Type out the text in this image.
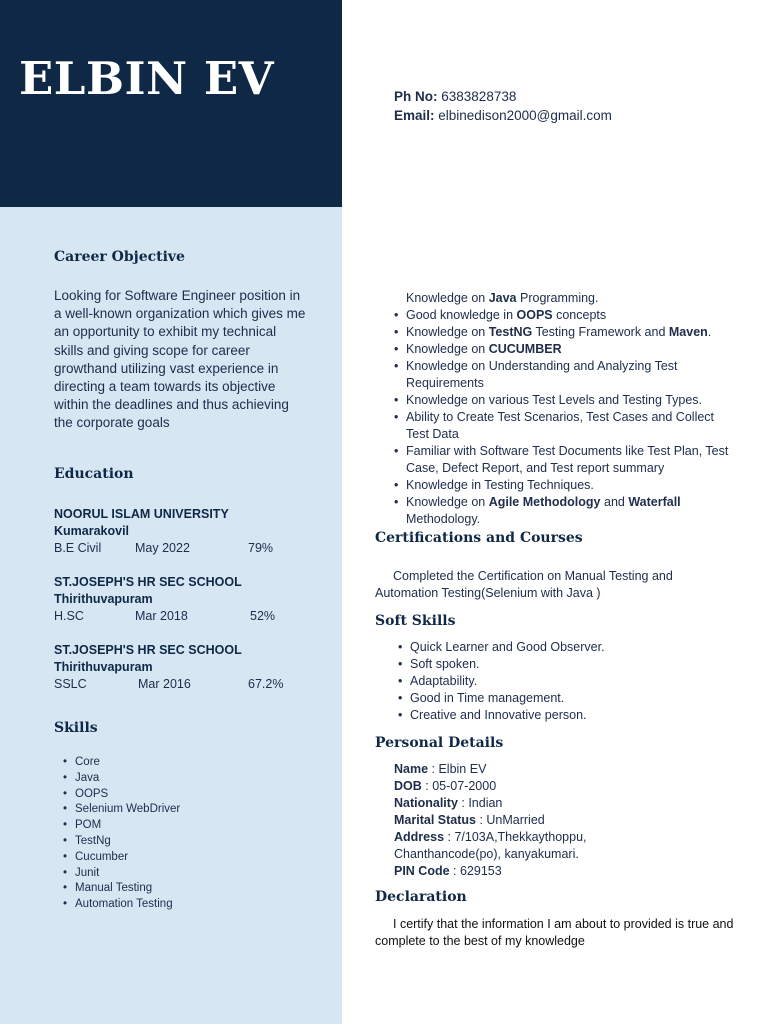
ELBIN EV	Ph No: 6383828738
Email: elbinedison2000@gmail.com
Career Objective

Looking for Software Engineer position in a well-known organization which gives me an opportunity to exhibit my technical skills and giving scope for career growthand utilizing vast experience in directing a team towards its objective within the deadlines and thus achieving the corporate goals

Education
NOORUL ISLAM UNIVERSITY
Kumarakovil
B.E Civil	May 2022	79%
ST.JOSEPH'S HR SEC SCHOOL
Thirithuvapuram
H.SC	Mar 2018	52%
ST.JOSEPH'S HR SEC SCHOOL
Thirithuvapuram
SSLC	Mar 2016	67.2%
Skills
• Core
• Java
• OOPS
• Selenium WebDriver
• POM
• TestNg
• Cucumber
• Junit
• Manual Testing
• Automation Testing
Knowledge on Java Programming.
• Good knowledge in OOPS concepts
• Knowledge on TestNG Testing Framework and Maven.
• Knowledge on CUCUMBER
• Knowledge on Understanding and Analyzing Test Requirements
• Knowledge on various Test Levels and Testing Types.
• Ability to Create Test Scenarios, Test Cases and Collect Test Data
• Familiar with Software Test Documents like Test Plan, Test Case, Defect Report, and Test report summary
• Knowledge in Testing Techniques.
• Knowledge on Agile Methodology and Waterfall Methodology.
Certifications and Courses

Completed the Certification on Manual Testing and Automation Testing(Selenium with Java )

Soft Skills
• Quick Learner and Good Observer.
• Soft spoken.
• Adaptability.
• Good in Time management.
• Creative and Innovative person.
Personal Details
Name : Elbin EV
DOB : 05-07-2000
Nationality : Indian
Marital Status : UnMarried
Address : 7/103A,Thekkaythoppu, Chanthancode(po), kanyakumari.
PIN Code : 629153
Declaration

I certify that the information I am about to provided is true and complete to the best of my knowledge
